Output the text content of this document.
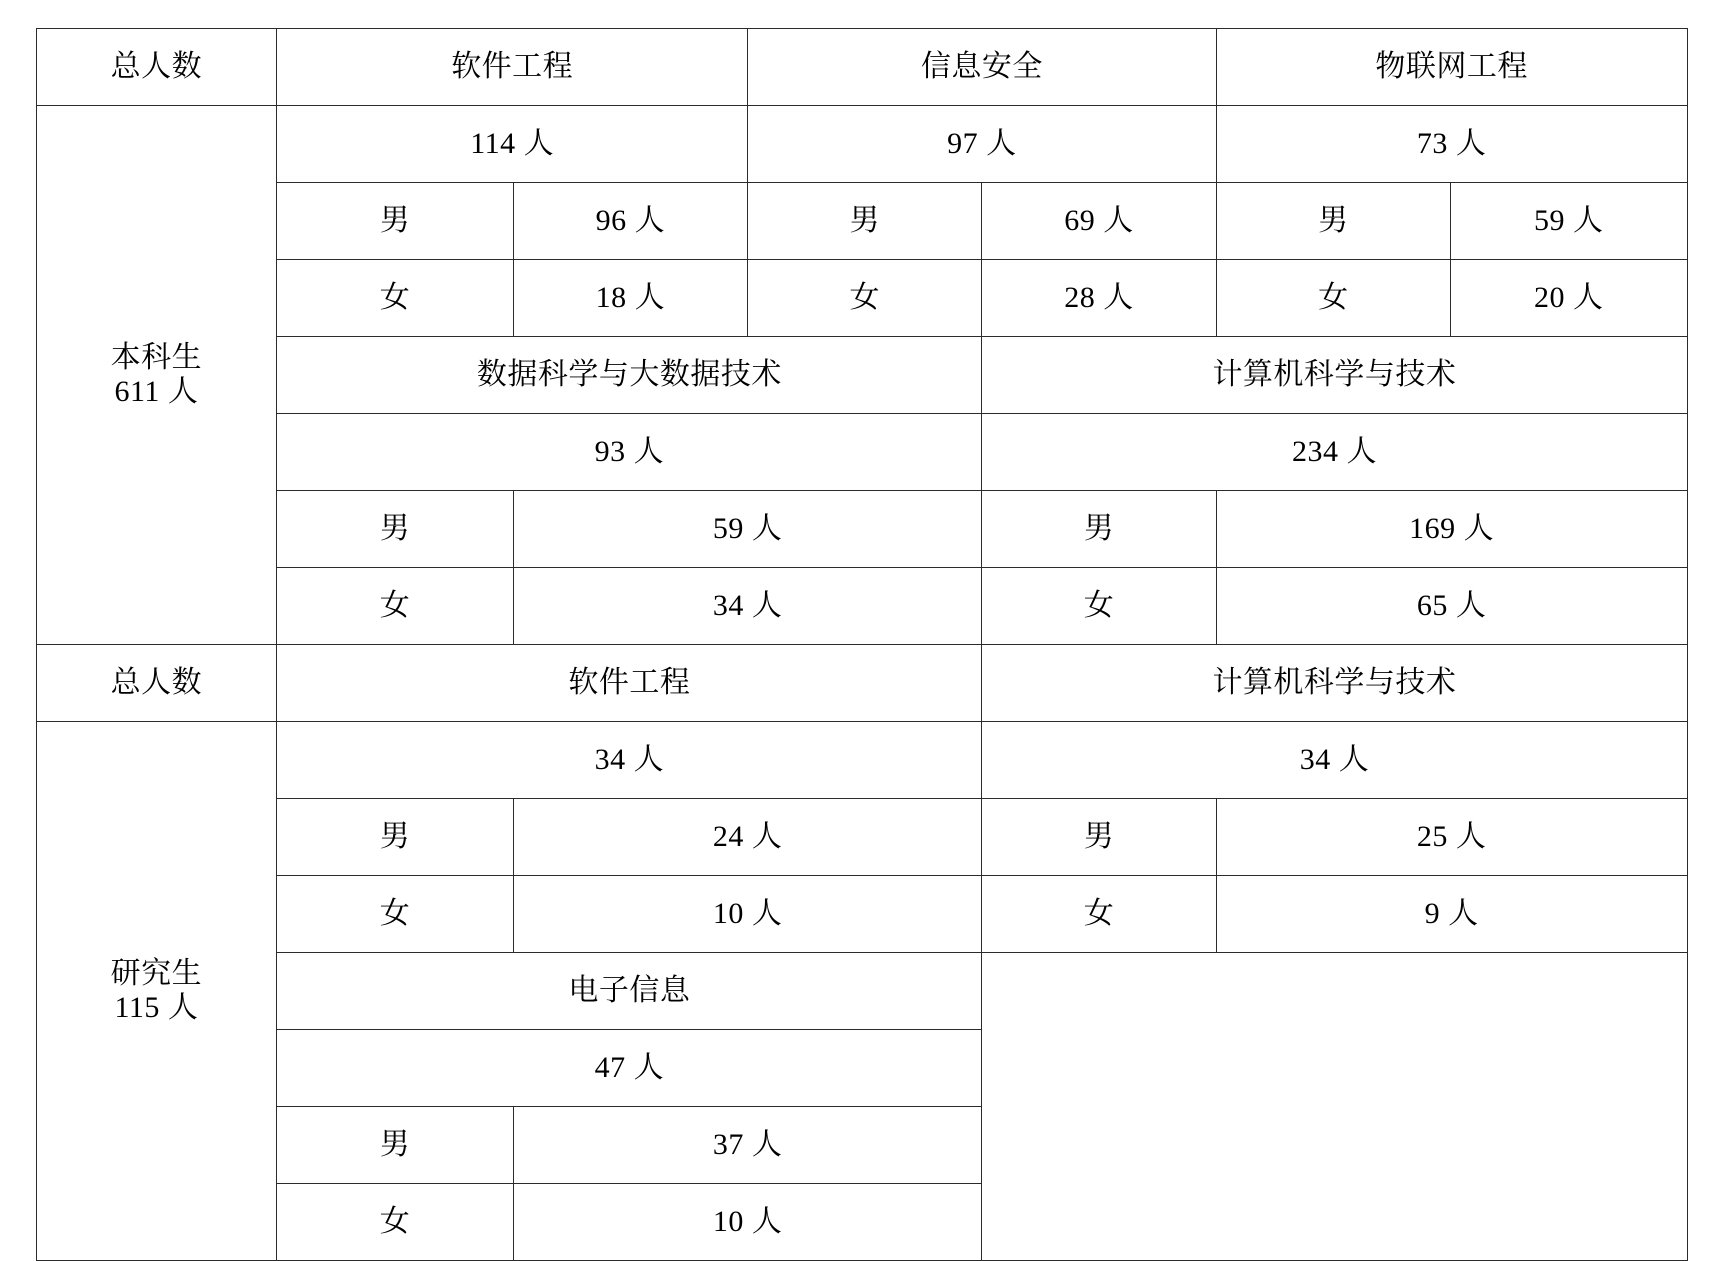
总人数	软件工程		信息安全		物联网工程	

本科生
611 人	114 人		97 人		73 人	
	男	96 人	男	69 人	男	59 人
	女	18 人	女	28 人	女	20 人
	数据科学与大数据技术			计算机科学与技术		
	93 人			234 人		
	男	59 人		男	169 人	
	女	34 人		女	65 人	
总人数	软件工程			计算机科学与技术		

研究生
115 人	34 人			34 人		
	男	24 人		男	25 人	
	女	10 人		女	9 人	
	电子信息					
	47 人					
	男	37 人				
	女	10 人				
